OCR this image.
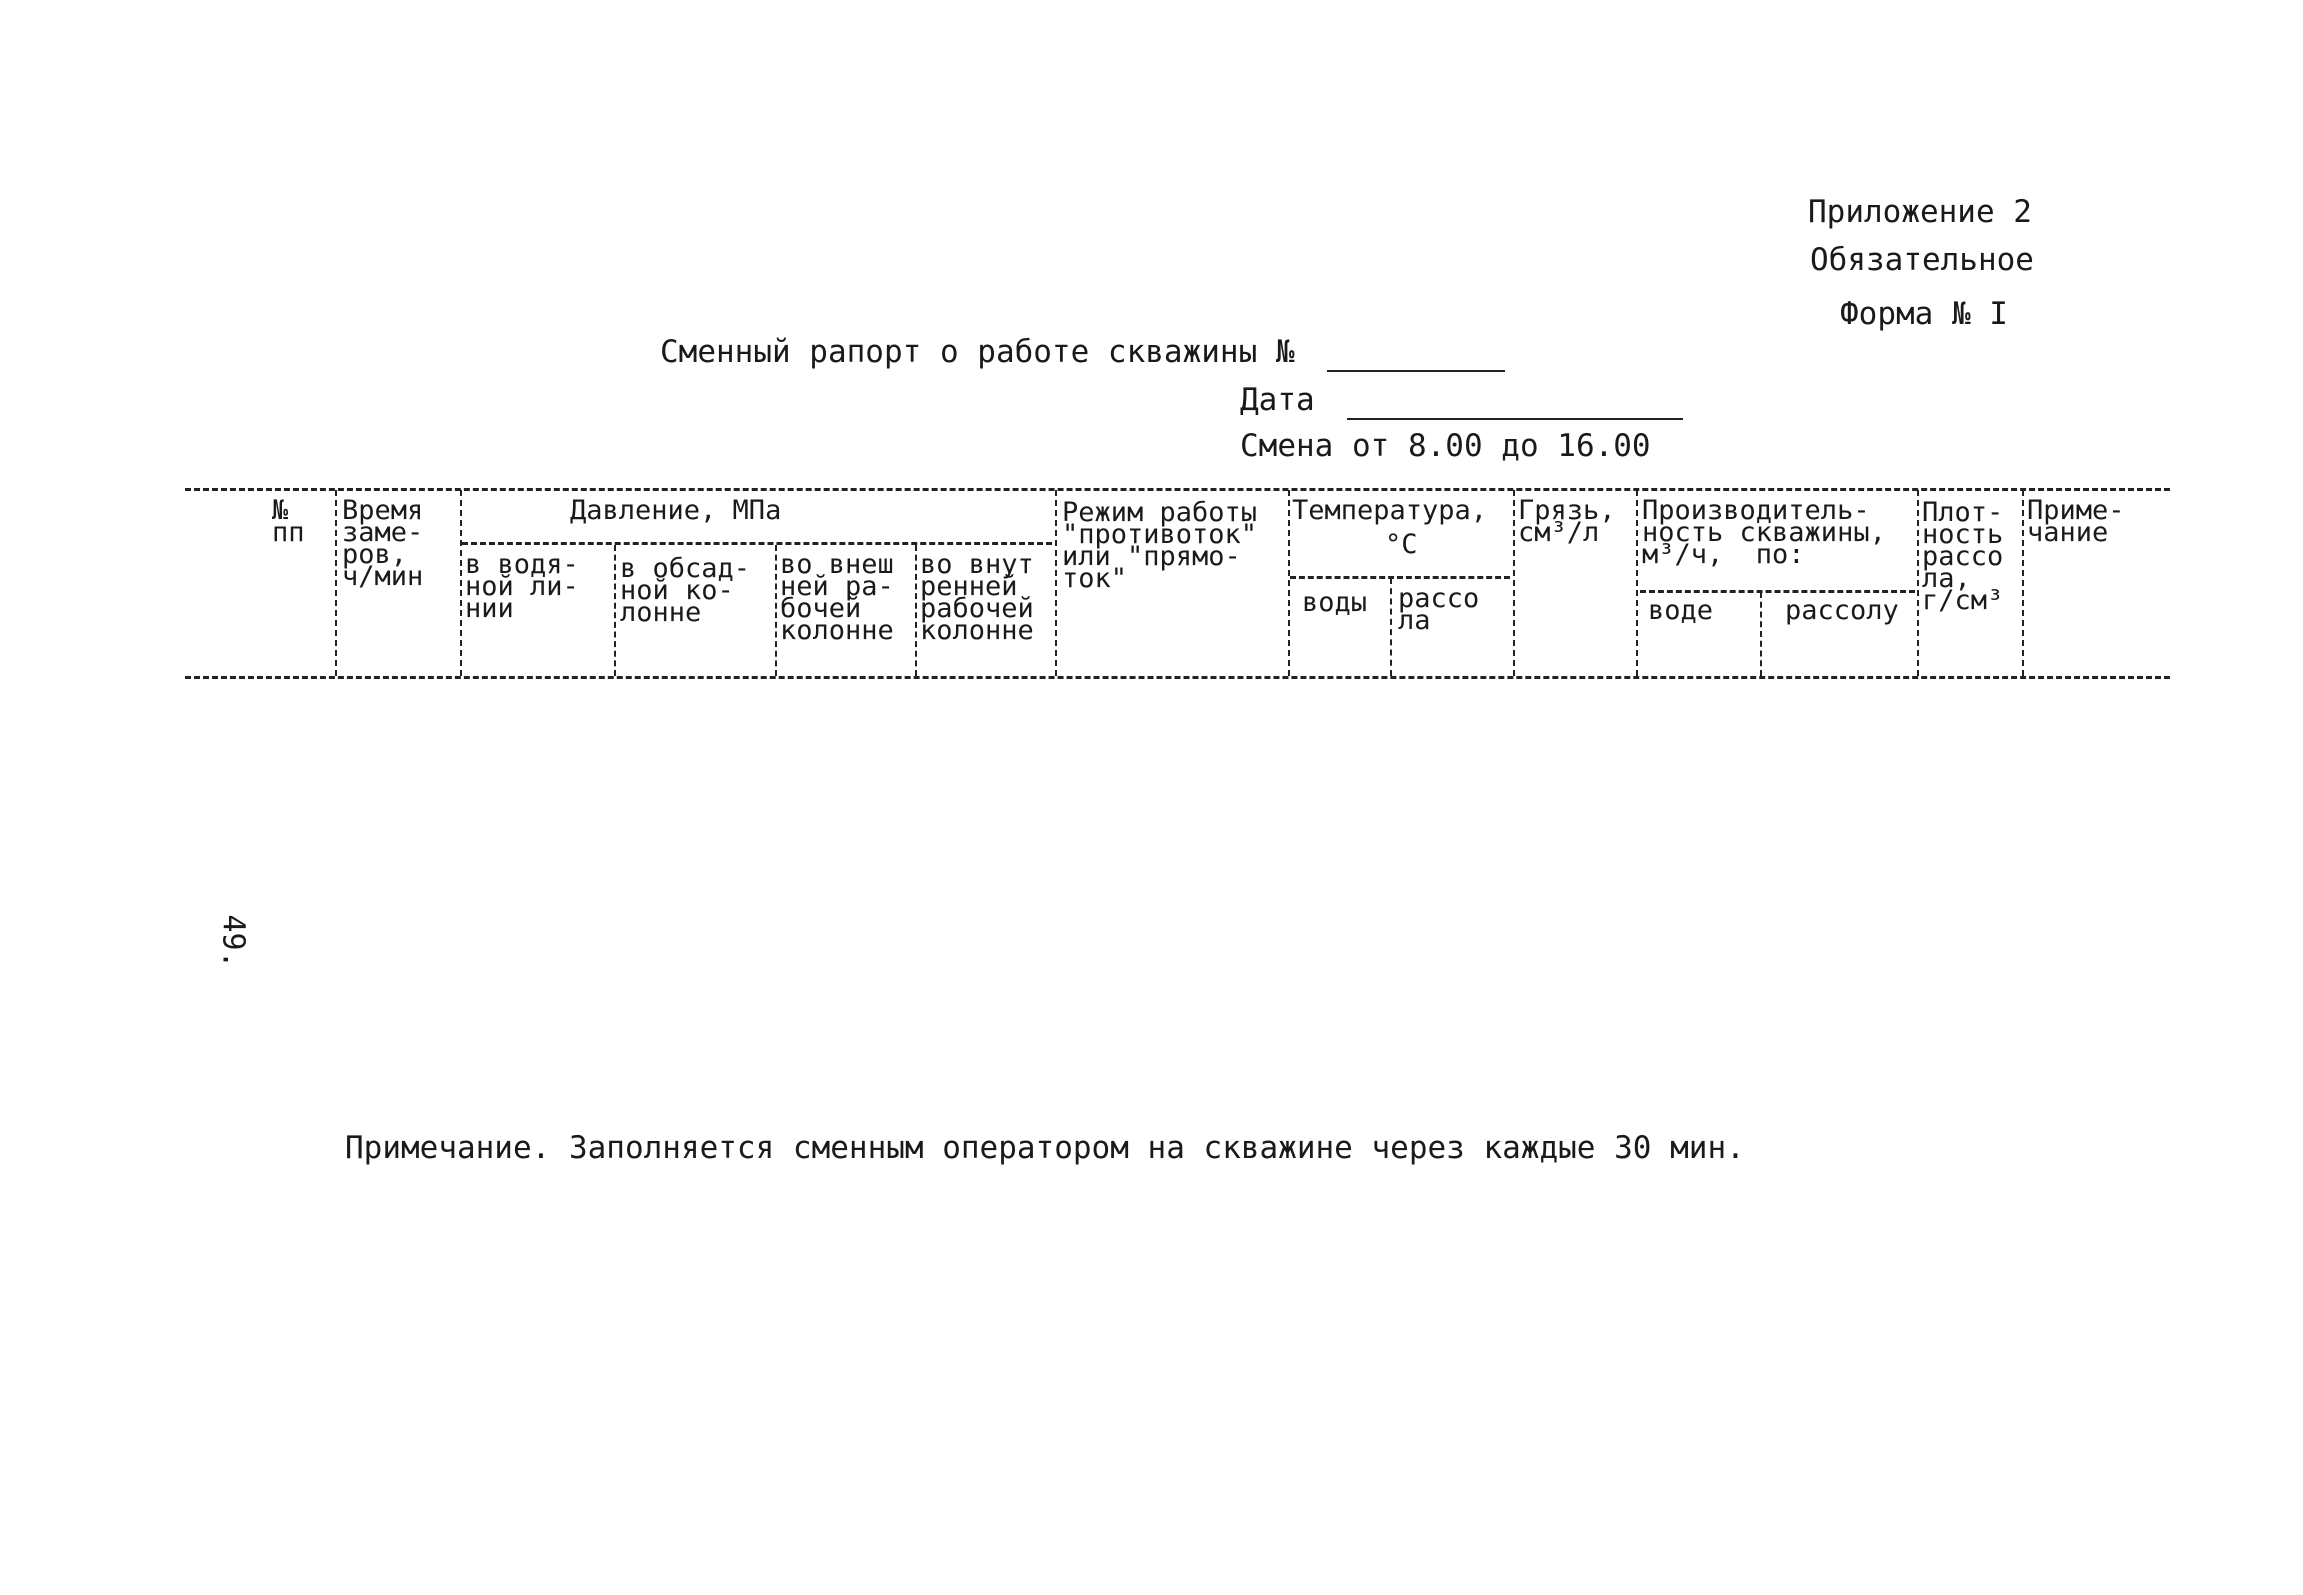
Приложение 2
Обязательное
Форма № I
Сменный рапорт о работе скважины №
Дата
Смена от 8.00 до 16.00
№
пп
Время
заме-
ров,
ч/мин
Давление, МПа
в водя-
ной ли-
нии
в обсад-
ной ко-
лонне
во внеш
ней ра-
бочей
колонне
во внут
ренней
рабочей
колонне
Режим работы
"противоток"
или "прямо-
ток"
Температура,
°С
воды рассо
ла
Грязь,
см³/л
Производитель-
ность скважины,
м³/ч,  по:
воде	рассолу
Плот-
ность
рассо
ла,
г/см³
Приме-
чание
49.
Примечание. Заполняется сменным оператором на скважине через каждые 30 мин.
